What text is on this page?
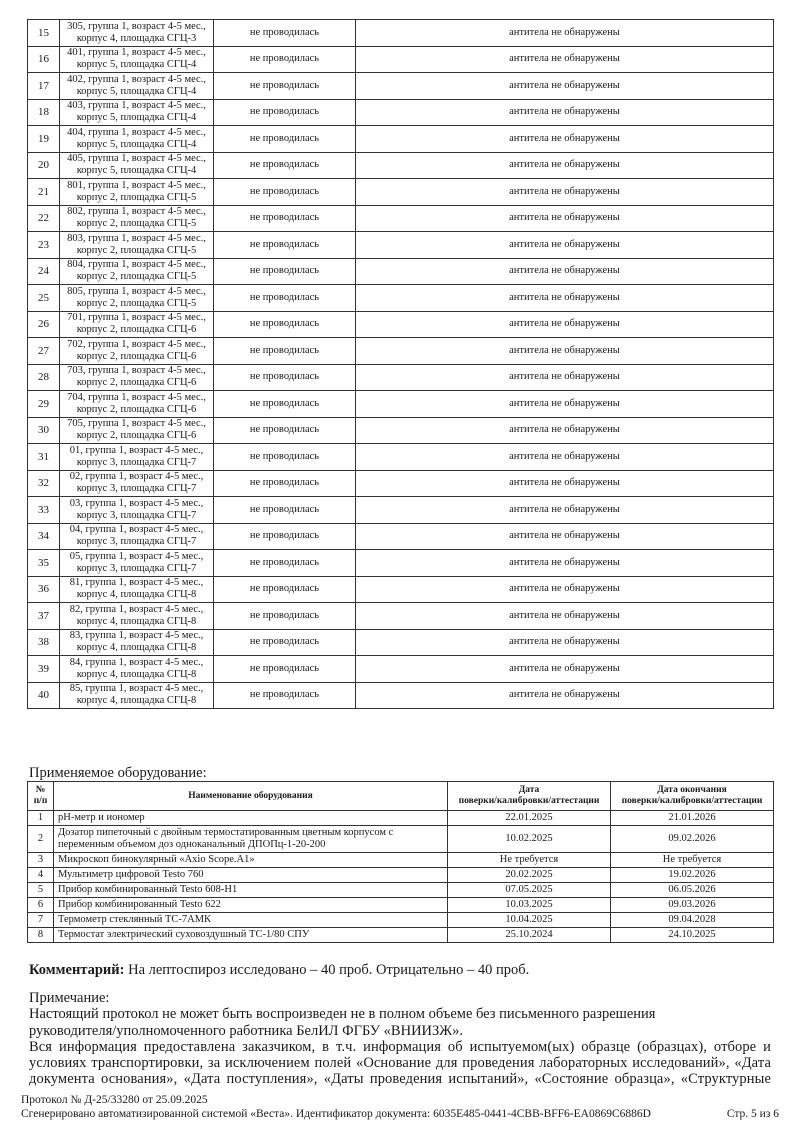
15	305, группа 1, возраст 4-5 мес.,
корпус 4, площадка СГЦ-3	не проводилась	антитела не обнаружены
16	401, группа 1, возраст 4-5 мес.,
корпус 5, площадка СГЦ-4	не проводилась	антитела не обнаружены
17	402, группа 1, возраст 4-5 мес.,
корпус 5, площадка СГЦ-4	не проводилась	антитела не обнаружены
18	403, группа 1, возраст 4-5 мес.,
корпус 5, площадка СГЦ-4	не проводилась	антитела не обнаружены
19	404, группа 1, возраст 4-5 мес.,
корпус 5, площадка СГЦ-4	не проводилась	антитела не обнаружены
20	405, группа 1, возраст 4-5 мес.,
корпус 5, площадка СГЦ-4	не проводилась	антитела не обнаружены
21	801, группа 1, возраст 4-5 мес.,
корпус 2, площадка СГЦ-5	не проводилась	антитела не обнаружены
22	802, группа 1, возраст 4-5 мес.,
корпус 2, площадка СГЦ-5	не проводилась	антитела не обнаружены
23	803, группа 1, возраст 4-5 мес.,
корпус 2, площадка СГЦ-5	не проводилась	антитела не обнаружены
24	804, группа 1, возраст 4-5 мес.,
корпус 2, площадка СГЦ-5	не проводилась	антитела не обнаружены
25	805, группа 1, возраст 4-5 мес.,
корпус 2, площадка СГЦ-5	не проводилась	антитела не обнаружены
26	701, группа 1, возраст 4-5 мес.,
корпус 2, площадка СГЦ-6	не проводилась	антитела не обнаружены
27	702, группа 1, возраст 4-5 мес.,
корпус 2, площадка СГЦ-6	не проводилась	антитела не обнаружены
28	703, группа 1, возраст 4-5 мес.,
корпус 2, площадка СГЦ-6	не проводилась	антитела не обнаружены
29	704, группа 1, возраст 4-5 мес.,
корпус 2, площадка СГЦ-6	не проводилась	антитела не обнаружены
30	705, группа 1, возраст 4-5 мес.,
корпус 2, площадка СГЦ-6	не проводилась	антитела не обнаружены
31	01, группа 1, возраст 4-5 мес.,
корпус 3, площадка СГЦ-7	не проводилась	антитела не обнаружены
32	02, группа 1, возраст 4-5 мес.,
корпус 3, площадка СГЦ-7	не проводилась	антитела не обнаружены
33	03, группа 1, возраст 4-5 мес.,
корпус 3, площадка СГЦ-7	не проводилась	антитела не обнаружены
34	04, группа 1, возраст 4-5 мес.,
корпус 3, площадка СГЦ-7	не проводилась	антитела не обнаружены
35	05, группа 1, возраст 4-5 мес.,
корпус 3, площадка СГЦ-7	не проводилась	антитела не обнаружены
36	81, группа 1, возраст 4-5 мес.,
корпус 4, площадка СГЦ-8	не проводилась	антитела не обнаружены
37	82, группа 1, возраст 4-5 мес.,
корпус 4, площадка СГЦ-8	не проводилась	антитела не обнаружены
38	83, группа 1, возраст 4-5 мес.,
корпус 4, площадка СГЦ-8	не проводилась	антитела не обнаружены
39	84, группа 1, возраст 4-5 мес.,
корпус 4, площадка СГЦ-8	не проводилась	антитела не обнаружены
40	85, группа 1, возраст 4-5 мес.,
корпус 4, площадка СГЦ-8	не проводилась	антитела не обнаружены
Применяемое оборудование:
№
п/п	Наименование оборудования	Дата
поверки/калибровки/аттестации	Дата окончания
поверки/калибровки/аттестации

1	pH-метр и иономер	22.01.2025	21.01.2026
2	Дозатор пипеточный с двойным термостатированным цветным корпусом с
переменным объемом доз одноканальный ДПОПц-1-20-200	10.02.2025	09.02.2026
3	Микроскоп бинокулярный «Axio Scope.A1»	Не требуется	Не требуется
4	Мультиметр цифровой Testo 760	20.02.2025	19.02.2026
5	Прибор комбинированный Testo 608-H1	07.05.2025	06.05.2026
6	Прибор комбинированный Testo 622	10.03.2025	09.03.2026
7	Термометр стеклянный ТС-7АМК	10.04.2025	09.04.2028
8	Термостат электрический суховоздушный ТС-1/80 СПУ	25.10.2024	24.10.2025
Комментарий: На лептоспироз исследовано – 40 проб. Отрицательно – 40 проб.

Примечание:

Настоящий протокол не может быть воспроизведен не в полном объеме без письменного разрешения

руководителя/уполномоченного работника БелИЛ ФГБУ «ВНИИЗЖ».

Вся информация предоставлена заказчиком, в т.ч. информация об испытуемом(ых) образце (образцах), отборе и

условиях транспортировки, за исключением полей «Основание для проведения лабораторных исследований», «Дата

документа основания», «Дата поступления», «Даты проведения испытаний», «Состояние образца», «Структурные

Протокол № Д-25/33280 от 25.09.2025
Сгенерировано автоматизированной системой «Веста». Идентификатор документа: 6035E485-0441-4CBB-BFF6-EA0869C6886D	Стр. 5 из 6
